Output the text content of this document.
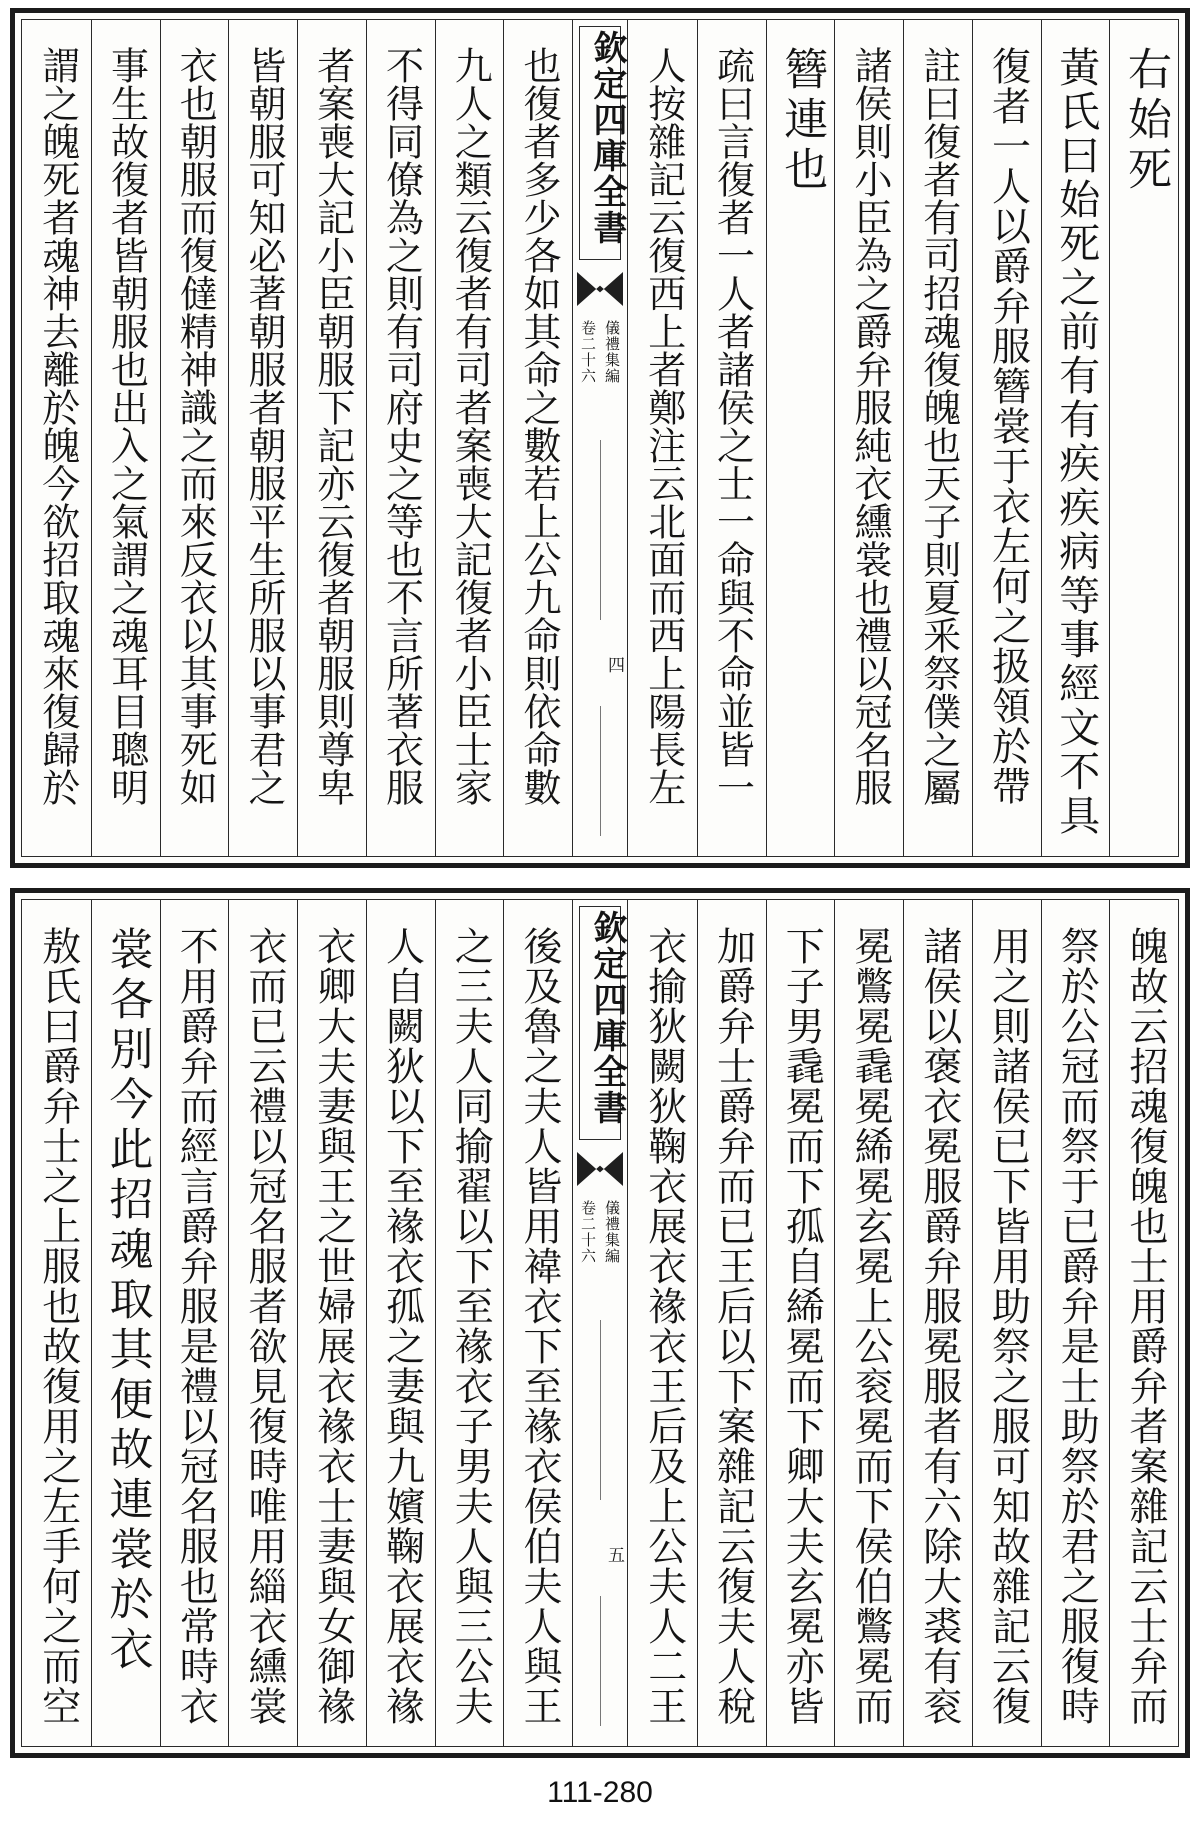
謂之魄死者魂神去離於魄今欲招取魂來復歸於 事生故復者皆朝服也出入之氣謂之魂耳目聰明 衣也朝服而復㒓精神識之而來反衣以其事死如 皆朝服可知必著朝服者朝服平生所服以事君之 者案喪大記小臣朝服下記亦云復者朝服則尊卑 不得同僚為之則有司府史之等也不言所著衣服 九人之類云復者有司者案喪大記復者小臣士家 也復者多少各如其命之數若上公九命則依命數 欽定四庫全書
儀禮集編
卷二十六
四 人按雜記云復西上者鄭注云北面而西上陽長左 疏曰言復者一人者諸侯之士一命與不命並皆一 簪連也 諸侯則小臣為之爵弁服純衣纁裳也禮以冠名服 註曰復者有司招魂復魄也天子則夏釆祭僕之屬 復者一人以爵弁服簪裳于衣左何之扱領於帶 黃氏曰始死之前有有疾疾病等事經文不具 右始死
敖氏曰爵弁士之上服也故復用之左手何之而空 裳各別今此招魂取其便故連裳於衣 不用爵弁而經言爵弁服是禮以冠名服也常時衣 衣而已云禮以冠名服者欲見復時唯用緇衣纁裳 衣卿大夫妻與王之世婦展衣褖衣士妻與女御褖 人自闕狄以下至褖衣孤之妻與九嬪鞠衣展衣褖 之三夫人同揄翟以下至褖衣子男夫人與三公夫 後及魯之夫人皆用褘衣下至褖衣侯伯夫人與王 欽定四庫全書
儀禮集編
卷二十六
五 衣揄狄闕狄鞠衣展衣褖衣王后及上公夫人二王 加爵弁士爵弁而已王后以下案雜記云復夫人稅 下子男毳冕而下孤自絺冕而下卿大夫玄冕亦皆 冕鷩冕毳冕絺冕玄冕上公衮冕而下侯伯鷩冕而 諸侯以褒衣冕服爵弁服冕服者有六除大裘有衮 用之則諸侯已下皆用助祭之服可知故雜記云復 祭於公冠而祭于已爵弁是士助祭於君之服復時 魄故云招魂復魄也士用爵弁者案雜記云士弁而
111-280
